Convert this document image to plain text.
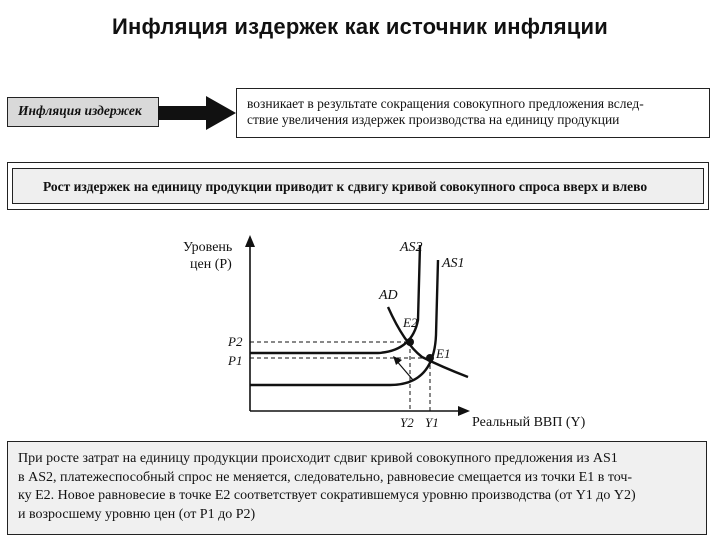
Инфляция издержек как источник инфляции
Инфляция издержек	возникает в результате сокращения совокупного предложения вслед-
ствие увеличения издержек производства на единицу продукции
Рост издержек на единицу продукции приводит к сдвигу кривой совокупного спроса вверх и влево
Уровень
цен (P)
Реальный ВВП (Y)
AS2
AS1
AD
E2
E1
P2
P1
Y2 Y1
При росте затрат на единицу продукции происходит сдвиг кривой совокупного предложения из AS1
в AS2, платежеспособный спрос не меняется, следовательно, равновесие смещается из точки E1 в точ-
ку E2. Новое равновесие в точке E2 соответствует сократившемуся уровню производства (от Y1 до Y2)
и возросшему уровню цен (от P1 до P2)
